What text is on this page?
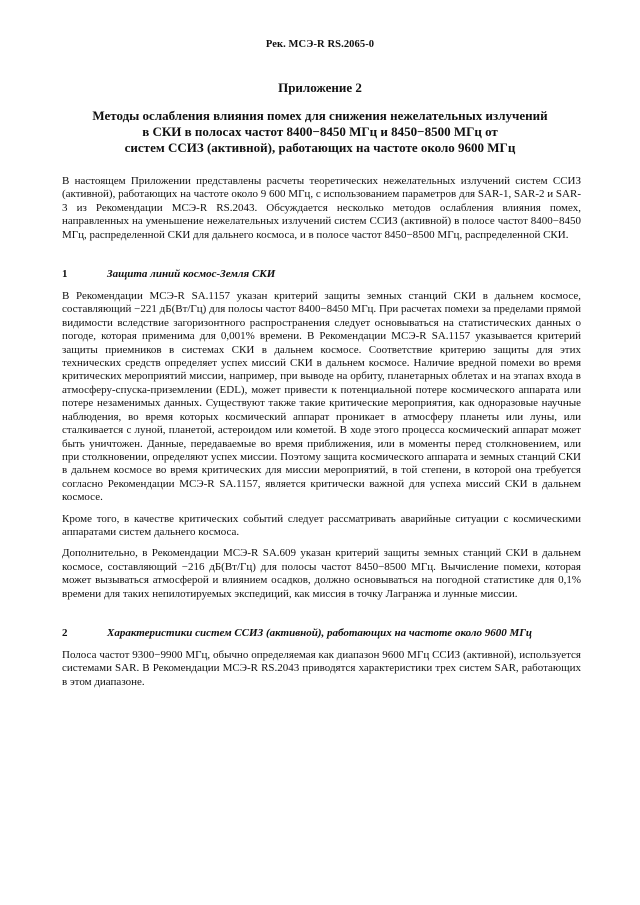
Рек. МСЭ-R RS.2065-0
Приложение 2
Методы ослабления влияния помех для снижения нежелательных излучений
в СКИ в полосах частот 8400−8450 МГц и 8450−8500 МГц от
систем ССИЗ (активной), работающих на частоте около 9600 МГц

В настоящем Приложении представлены расчеты теоретических нежелательных излучений систем ССИЗ (активной), работающих на частоте около 9 600 МГц, с использованием параметров для SAR-1, SAR-2 и SAR-3 из Рекомендации МСЭ-R RS.2043. Обсуждается несколько методов ослабления влияния помех, направленных на уменьшение нежелательных излучений систем ССИЗ (активной) в полосе частот 8400−8450 МГц, распределенной СКИ для дальнего космоса, и в полосе частот 8450−8500 МГц, распределенной СКИ.

1	Защита линий космос-Земля СКИ

В Рекомендации МСЭ-R SA.1157 указан критерий защиты земных станций СКИ в дальнем космосе, составляющий −221 дБ(Вт/Гц) для полосы частот 8400−8450 МГц. При расчетах помехи за пределами прямой видимости вследствие загоризонтного распространения следует основываться на статистических данных о погоде, которая применима для 0,001% времени. В Рекомендации МСЭ-R SA.1157 указывается критерий защиты приемников в системах СКИ в дальнем космосе. Соответствие критерию защиты для этих технических средств определяет успех миссий СКИ в дальнем космосе. Наличие вредной помехи во время критических мероприятий миссии, например, при выводе на орбиту, планетарных облетах и на этапах входа в атмосферу-спуска-приземлении (EDL), может привести к потенциальной потере космического аппарата или потере незаменимых данных. Существуют также такие критические мероприятия, как одноразовые научные наблюдения, во время которых космический аппарат проникает в атмосферу планеты или луны, или сталкивается с луной, планетой, астероидом или кометой. В ходе этого процесса космический аппарат может быть уничтожен. Данные, передаваемые во время приближения, или в моменты перед столкновением, или при столкновении, определяют успех миссии. Поэтому защита космического аппарата и земных станций СКИ в дальнем космосе во время критических для миссии мероприятий, в той степени, в которой она требуется согласно Рекомендации МСЭ-R SA.1157, является критически важной для успеха миссий СКИ в дальнем космосе.

Кроме того, в качестве критических событий следует рассматривать аварийные ситуации с космическими аппаратами систем дальнего космоса.

Дополнительно, в Рекомендации МСЭ-R SA.609 указан критерий защиты земных станций СКИ в дальнем космосе, составляющий −216 дБ(Вт/Гц) для полосы частот 8450−8500 МГц. Вычисление помехи, которая может вызываться атмосферой и влиянием осадков, должно основываться на погодной статистике для 0,1% времени для таких непилотируемых экспедиций, как миссия в точку Лагранжа и лунные миссии.

2	Характеристики систем ССИЗ (активной), работающих на частоте около 9600 МГц

Полоса частот 9300−9900 МГц, обычно определяемая как диапазон 9600 МГц ССИЗ (активной), используется системами SAR. В Рекомендации МСЭ-R RS.2043 приводятся характеристики трех систем SAR, работающих в этом диапазоне.
